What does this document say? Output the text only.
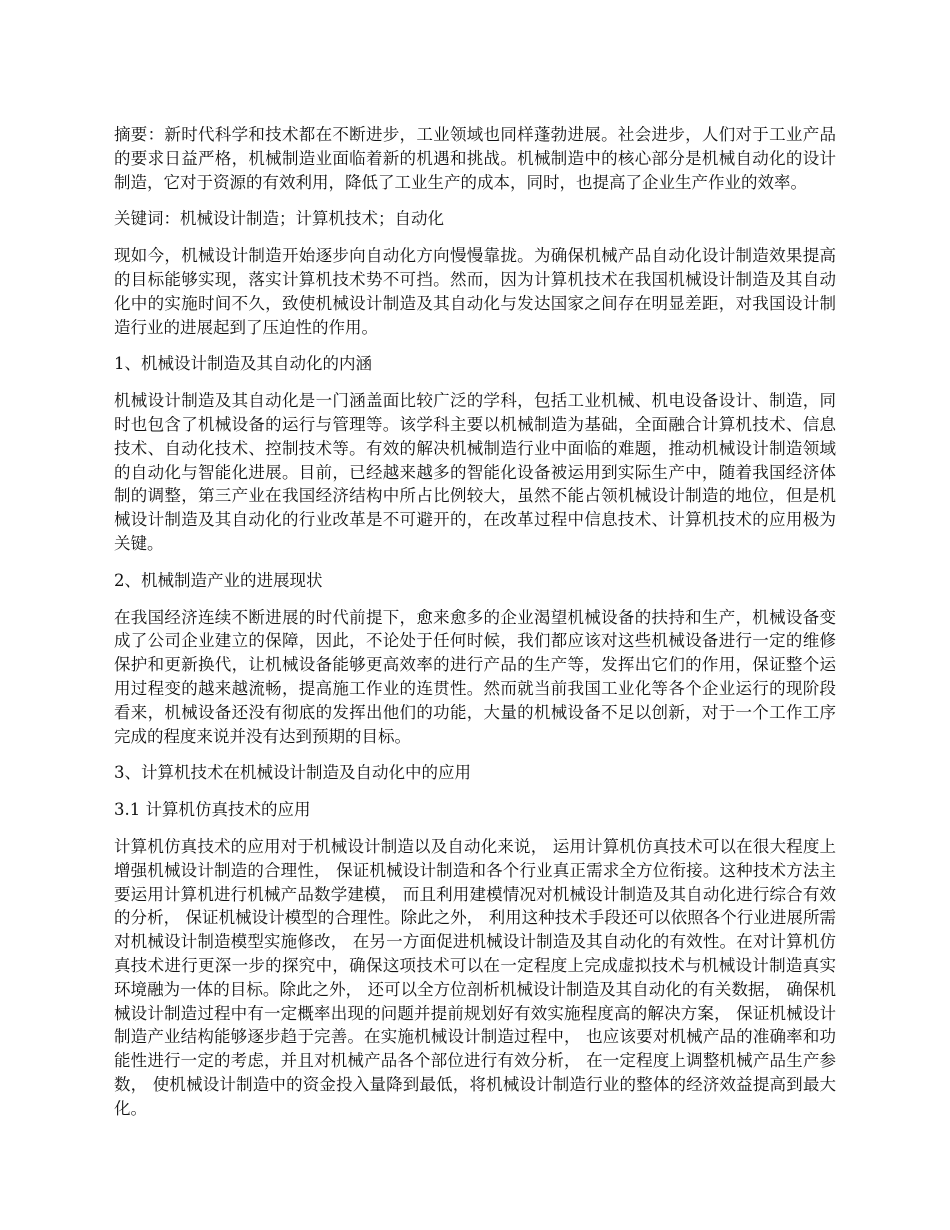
摘要：新时代科学和技术都在不断进步，工业领域也同样蓬勃进展。社会进步，人们对于工业产品的要求日益严格，机械制造业面临着新的机遇和挑战。机械制造中的核心部分是机械自动化的设计制造，它对于资源的有效利用，降低了工业生产的成本，同时，也提高了企业生产作业的效率。

关键词：机械设计制造；计算机技术；自动化

现如今，机械设计制造开始逐步向自动化方向慢慢靠拢。为确保机械产品自动化设计制造效果提高的目标能够实现，落实计算机技术势不可挡。然而，因为计算机技术在我国机械设计制造及其自动化中的实施时间不久，致使机械设计制造及其自动化与发达国家之间存在明显差距，对我国设计制造行业的进展起到了压迫性的作用。

1、机械设计制造及其自动化的内涵

机械设计制造及其自动化是一门涵盖面比较广泛的学科，包括工业机械、机电设备设计、制造，同时也包含了机械设备的运行与管理等。该学科主要以机械制造为基础，全面融合计算机技术、信息技术、自动化技术、控制技术等。有效的解决机械制造行业中面临的难题，推动机械设计制造领域的自动化与智能化进展。目前，已经越来越多的智能化设备被运用到实际生产中，随着我国经济体制的调整，第三产业在我国经济结构中所占比例较大，虽然不能占领机械设计制造的地位，但是机械设计制造及其自动化的行业改革是不可避开的，在改革过程中信息技术、计算机技术的应用极为关键。

2、机械制造产业的进展现状

在我国经济连续不断进展的时代前提下，愈来愈多的企业渴望机械设备的扶持和生产，机械设备变成了公司企业建立的保障，因此，不论处于任何时候，我们都应该对这些机械设备进行一定的维修保护和更新换代，让机械设备能够更高效率的进行产品的生产等，发挥出它们的作用，保证整个运用过程变的越来越流畅，提高施工作业的连贯性。然而就当前我国工业化等各个企业运行的现阶段看来，机械设备还没有彻底的发挥出他们的功能，大量的机械设备不足以创新，对于一个工作工序完成的程度来说并没有达到预期的目标。

3、计算机技术在机械设计制造及自动化中的应用

3.1 计算机仿真技术的应用

计算机仿真技术的应用对于机械设计制造以及自动化来说， 运用计算机仿真技术可以在很大程度上增强机械设计制造的合理性， 保证机械设计制造和各个行业真正需求全方位衔接。这种技术方法主要运用计算机进行机械产品数学建模， 而且利用建模情况对机械设计制造及其自动化进行综合有效的分析， 保证机械设计模型的合理性。除此之外， 利用这种技术手段还可以依照各个行业进展所需对机械设计制造模型实施修改， 在另一方面促进机械设计制造及其自动化的有效性。在对计算机仿真技术进行更深一步的探究中，确保这项技术可以在一定程度上完成虚拟技术与机械设计制造真实环境融为一体的目标。除此之外， 还可以全方位剖析机械设计制造及其自动化的有关数据， 确保机械设计制造过程中有一定概率出现的问题并提前规划好有效实施程度高的解决方案， 保证机械设计制造产业结构能够逐步趋于完善。在实施机械设计制造过程中， 也应该要对机械产品的准确率和功能性进行一定的考虑，并且对机械产品各个部位进行有效分析， 在一定程度上调整机械产品生产参数， 使机械设计制造中的资金投入量降到最低，将机械设计制造行业的整体的经济效益提高到最大化。
